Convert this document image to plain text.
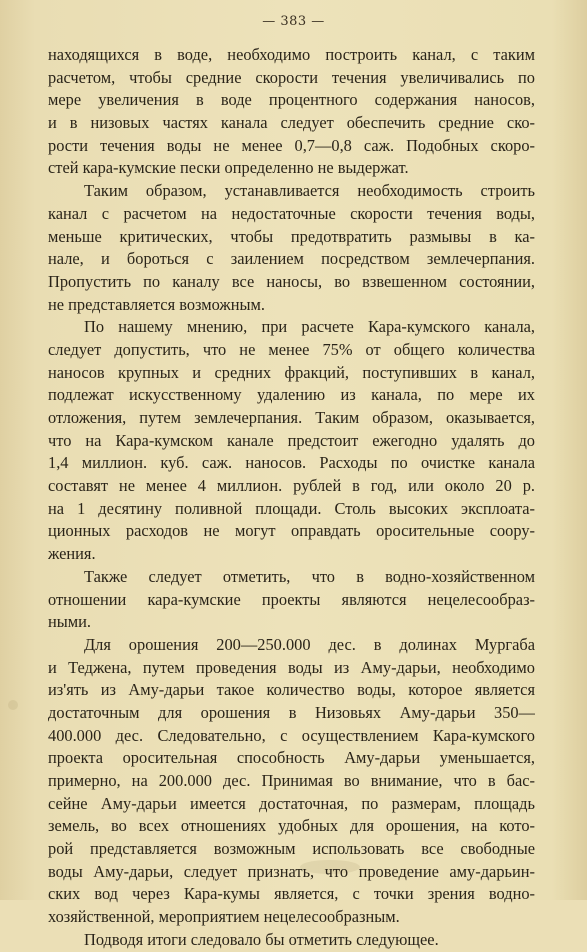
— 383 —
находящихся в воде, необходимо построить канал, с таким
расчетом, чтобы средние скорости течения увеличивались по
мере увеличения в воде процентного содержания наносов,
и в низовых частях канала следует обеспечить средние ско-
рости течения воды не менее 0,7—0,8 саж. Подобных скоро-
стей кара-кумские пески определенно не выдержат.
Таким образом, устанавливается необходимость строить
канал с расчетом на недостаточные скорости течения воды,
меньше критических, чтобы предотвратить размывы в ка-
нале, и бороться с заилением посредством землечерпания.
Пропустить по каналу все наносы, во взвешенном состоянии,
не представляется возможным.
По нашему мнению, при расчете Кара-кумского канала,
следует допустить, что не менее 75% от общего количества
наносов крупных и средних фракций, поступивших в канал,
подлежат искусственному удалению из канала, по мере их
отложения, путем землечерпания. Таким образом, оказывается,
что на Кара-кумском канале предстоит ежегодно удалять до
1,4 миллион. куб. саж. наносов. Расходы по очистке канала
составят не менее 4 миллион. рублей в год, или около 20 р.
на 1 десятину поливной площади. Столь высоких эксплоата-
ционных расходов не могут оправдать оросительные соору-
жения.
Также следует отметить, что в водно-хозяйственном
отношении кара-кумские проекты являются нецелесообраз-
ными.
Для орошения 200—250.000 дес. в долинах Мургаба
и Теджена, путем проведения воды из Аму-дарьи, необходимо
из'ять из Аму-дарьи такое количество воды, которое является
достаточным для орошения в Низовьях Аму-дарьи 350—
400.000 дес. Следовательно, с осуществлением Кара-кумского
проекта оросительная способность Аму-дарьи уменьшается,
примерно, на 200.000 дес. Принимая во внимание, что в бас-
сейне Аму-дарьи имеется достаточная, по размерам, площадь
земель, во всех отношениях удобных для орошения, на кото-
рой представляется возможным использовать все свободные
воды Аму-дарьи, следует признать, что проведение аму-дарьин-
ских вод через Кара-кумы является, с точки зрения водно-
хозяйственной, мероприятием нецелесообразным.
Подводя итоги следовало бы отметить следующее.
